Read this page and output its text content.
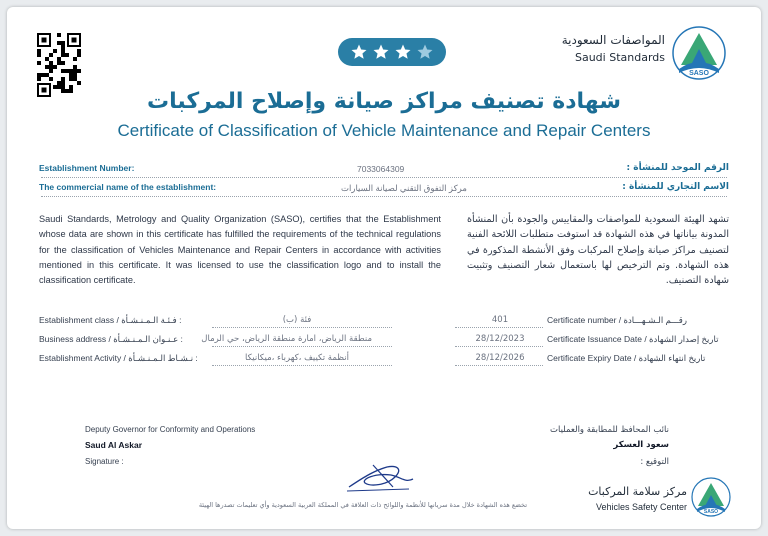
المواصفات السعودية
Saudi Standards
SASO
شهادة تصنيف مراكز صيانة وإصلاح المركبات
Certificate of Classification of Vehicle Maintenance and Repair Centers
Establishment Number:	7033064309	الرقم الموحد للمنشأة :
The commercial name of the establishment:	مركز التفوق التقني لصيانة السيارات	الاسم التجاري للمنشأة :
Saudi Standards, Metrology and Quality Organization (SASO), certifies that the Establishment whose data are shown in this certificate has fulfilled the requirements of the technical regulations for the classification of Vehicles Maintenance and Repair Centers in accordance with activities mentioned in this certificate. It was licensed to use the classification logo and to install the classification certificate.
تشهد الهيئة السعودية للمواصفات والمقاييس والجودة بأن المنشأة المدونة بياناتها في هذه الشهادة قد استوفت متطلبات اللائحة الفنية لتصنيف مراكز صيانة وإصلاح المركبات وفق الأنشطة المذكورة في هذه الشهادة. وتم الترخيص لها باستعمال شعار التصنيف وتثبيت شهادة التصنيف.
Establishment class / فـئـة الـمـنـشـأة :	فئة (ب)
Business address / عـنـوان الـمـنـشـأة : منطقة الرياض، امارة منطقة الرياض، حي الرمال
Establishment Activity / نـشـاط الـمـنـشـأة :	أنظمة تكييف ،كهرباء ،ميكانيكا
401	Certificate number / رقـــم الـشـهـــادة
28/12/2023	Certificate Issuance Date / تاريخ إصدار الشهادة
28/12/2026	Certificate Expiry Date / تاريخ انتهاء الشهادة
Deputy Governor for Conformity and Operations
Saud Al Askar
Signature :
نائب المحافظ للمطابقة والعمليات
سعود العسكر
التوقيع :
تخضع هذه الشهادة خلال مدة سريانها للأنظمة واللوائح ذات العلاقة في المملكة العربية السعودية وأي تعليمات تصدرها الهيئة
مركز سلامة المركبات
Vehicles Safety Center	SASO
